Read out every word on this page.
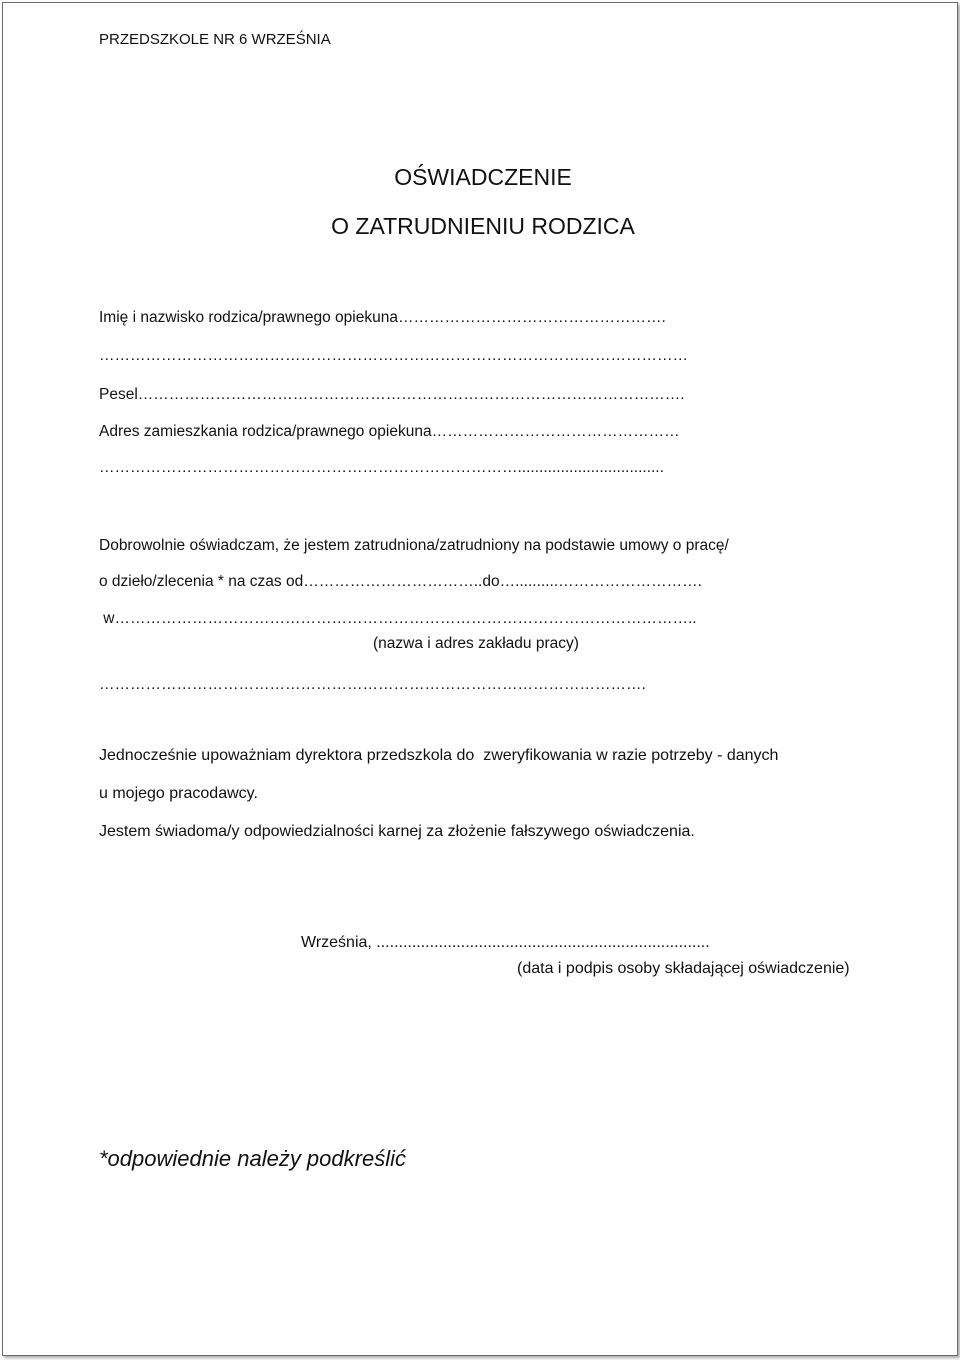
PRZEDSZKOLE NR 6 WRZEŚNIA
OŚWIADCZENIE
O ZATRUDNIENIU RODZICA
Imię i nazwisko rodzica/prawnego opiekuna…………………………………………….
……………………………………………………………………………………………………
Pesel…………………………………………………………………………………………….
Adres zamieszkania rodzica/prawnego opiekuna…………………………………………
………………………………………………………………………..................................
Dobrowolnie oświadczam, że jestem zatrudniona/zatrudniony na podstawie umowy o pracę/
o dzieło/zlecenia * na czas od……………………………..do…..........……………………….
w…………………………………………………………………………………………………..
(nazwa i adres zakładu pracy)
…………………………………………………………………………………………….
Jednocześnie upoważniam dyrektora przedszkola do  zweryfikowania w razie potrzeby - danych
u mojego pracodawcy.
Jestem świadoma/y odpowiedzialności karnej za złożenie fałszywego oświadczenia.
Września, ...........................................................................
(data i podpis osoby składającej oświadczenie)
*odpowiednie należy podkreślić
